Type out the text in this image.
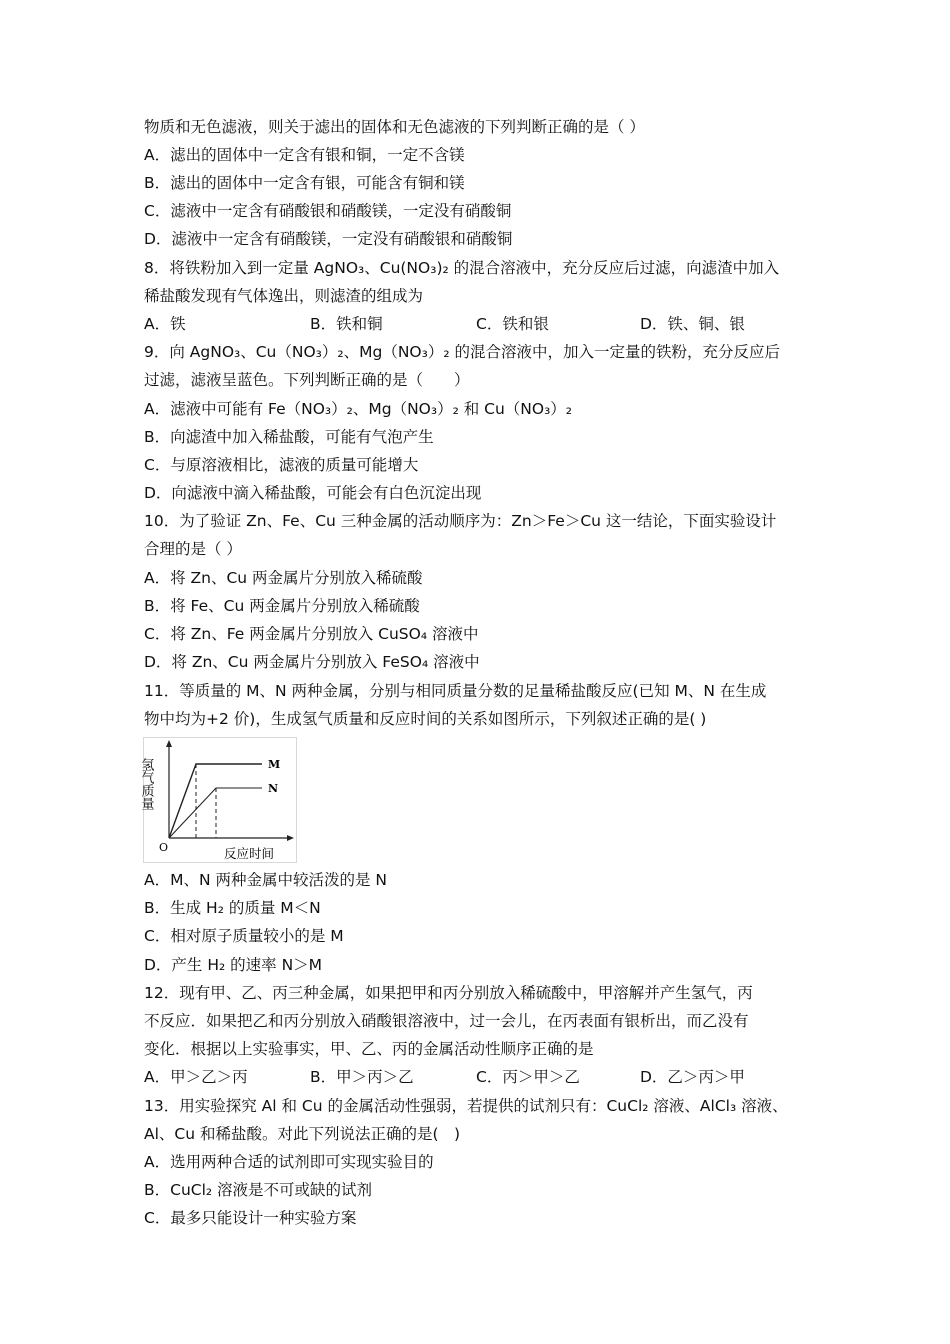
物质和无色滤液，则关于滤出的固体和无色滤液的下列判断正确的是（ ）
A．滤出的固体中一定含有银和铜，一定不含镁
B．滤出的固体中一定含有银，可能含有铜和镁
C．滤液中一定含有硝酸银和硝酸镁，一定没有硝酸铜
D．滤液中一定含有硝酸镁，一定没有硝酸银和硝酸铜
8．将铁粉加入到一定量 AgNO₃、Cu(NO₃)₂ 的混合溶液中，充分反应后过滤，向滤渣中加入
稀盐酸发现有气体逸出，则滤渣的组成为
A．铁	B．铁和铜	C．铁和银	D．铁、铜、银
9．向 AgNO₃、Cu（NO₃）₂、Mg（NO₃）₂ 的混合溶液中，加入一定量的铁粉，充分反应后
过滤，滤液呈蓝色。下列判断正确的是（　　）
A．滤液中可能有 Fe（NO₃）₂、Mg（NO₃）₂ 和 Cu（NO₃）₂
B．向滤渣中加入稀盐酸，可能有气泡产生
C．与原溶液相比，滤液的质量可能增大
D．向滤液中滴入稀盐酸，可能会有白色沉淀出现
10．为了验证 Zn、Fe、Cu 三种金属的活动顺序为：Zn＞Fe＞Cu 这一结论，下面实验设计
合理的是（ ）
A．将 Zn、Cu 两金属片分别放入稀硫酸
B．将 Fe、Cu 两金属片分别放入稀硫酸
C．将 Zn、Fe 两金属片分别放入 CuSO₄ 溶液中
D．将 Zn、Cu 两金属片分别放入 FeSO₄ 溶液中
11．等质量的 M、N 两种金属，分别与相同质量分数的足量稀盐酸反应(已知 M、N 在生成
物中均为+2 价)，生成氢气质量和反应时间的关系如图所示，下列叙述正确的是( )
M
N
O	反应时间
氢气质量
A．M、N 两种金属中较活泼的是 N
B．生成 H₂ 的质量 M＜N
C．相对原子质量较小的是 M
D．产生 H₂ 的速率 N＞M
12．现有甲、乙、丙三种金属，如果把甲和丙分别放入稀硫酸中，甲溶解并产生氢气，丙
不反应．如果把乙和丙分别放入硝酸银溶液中，过一会儿，在丙表面有银析出，而乙没有
变化．根据以上实验事实，甲、乙、丙的金属活动性顺序正确的是
A．甲＞乙＞丙	B．甲＞丙＞乙	C．丙＞甲＞乙	D．乙＞丙＞甲
13．用实验探究 Al 和 Cu 的金属活动性强弱，若提供的试剂只有：CuCl₂ 溶液、AlCl₃ 溶液、
Al、Cu 和稀盐酸。对此下列说法正确的是(　)
A．选用两种合适的试剂即可实现实验目的
B．CuCl₂ 溶液是不可或缺的试剂
C．最多只能设计一种实验方案
